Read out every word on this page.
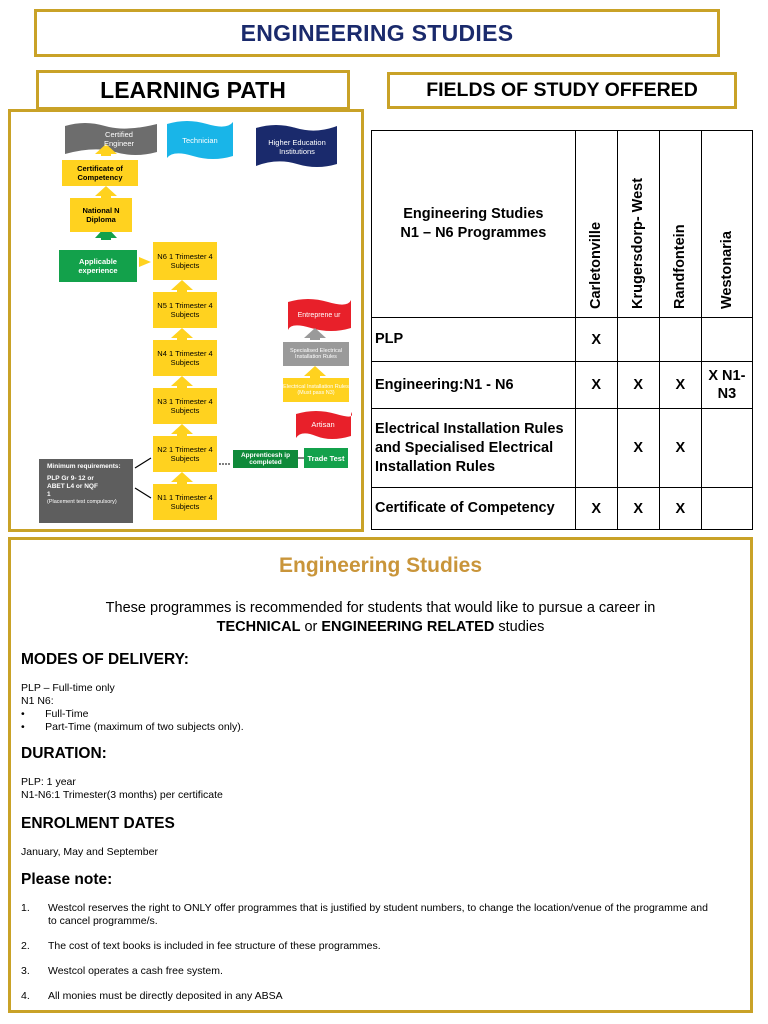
ENGINEERING STUDIES
LEARNING PATH	FIELDS OF STUDY OFFERED
Certified Engineer	Technician	Higher Education Institutions
Entreprene ur
Artisan
Certificate of Competency
National N Diploma
Applicable experience
N6 1 Trimester 4 Subjects
N5 1 Trimester 4 Subjects
N4 1 Trimester 4 Subjects
N3 1 Trimester 4 Subjects
N2 1 Trimester 4 Subjects
N1 1 Trimester 4 Subjects
Specialised Electrical Installation Rules
Electrical Installation Rules (Must pass N3)
Apprenticesh ip completed	Trade Test
Minimum requirements:
PLP Gr 9- 12 or ABET L4 or NQF 1
(Placement test compulsory)
Engineering Studies N1 – N6 Programmes	Carletonville	Krugersdorp- West	Randfontein	Westonaria

PLP	X			
Engineering:N1 - N6	X	X	X	X N1-N3
Electrical Installation Rules and Specialised Electrical Installation Rules		X	X	
Certificate of Competency	X	X	X	
Engineering Studies
These programmes is recommended for students that would like to pursue a career in
TECHNICAL or ENGINEERING RELATED studies
MODES OF DELIVERY:
PLP – Full-time only
N1 N6:
•       Full-Time
•       Part-Time (maximum of two subjects only).
DURATION:
PLP: 1 year
N1-N6:1 Trimester(3 months) per certificate
ENROLMENT DATES
January, May and September
Please note:
1. Westcol reserves the right to ONLY offer programmes that is justified by student numbers, to change the location/venue of the programme and to cancel programme/s.
2. The cost of text books is included in fee structure of these programmes.
3. Westcol operates a cash free system.
4. All monies must be directly deposited in any ABSA
